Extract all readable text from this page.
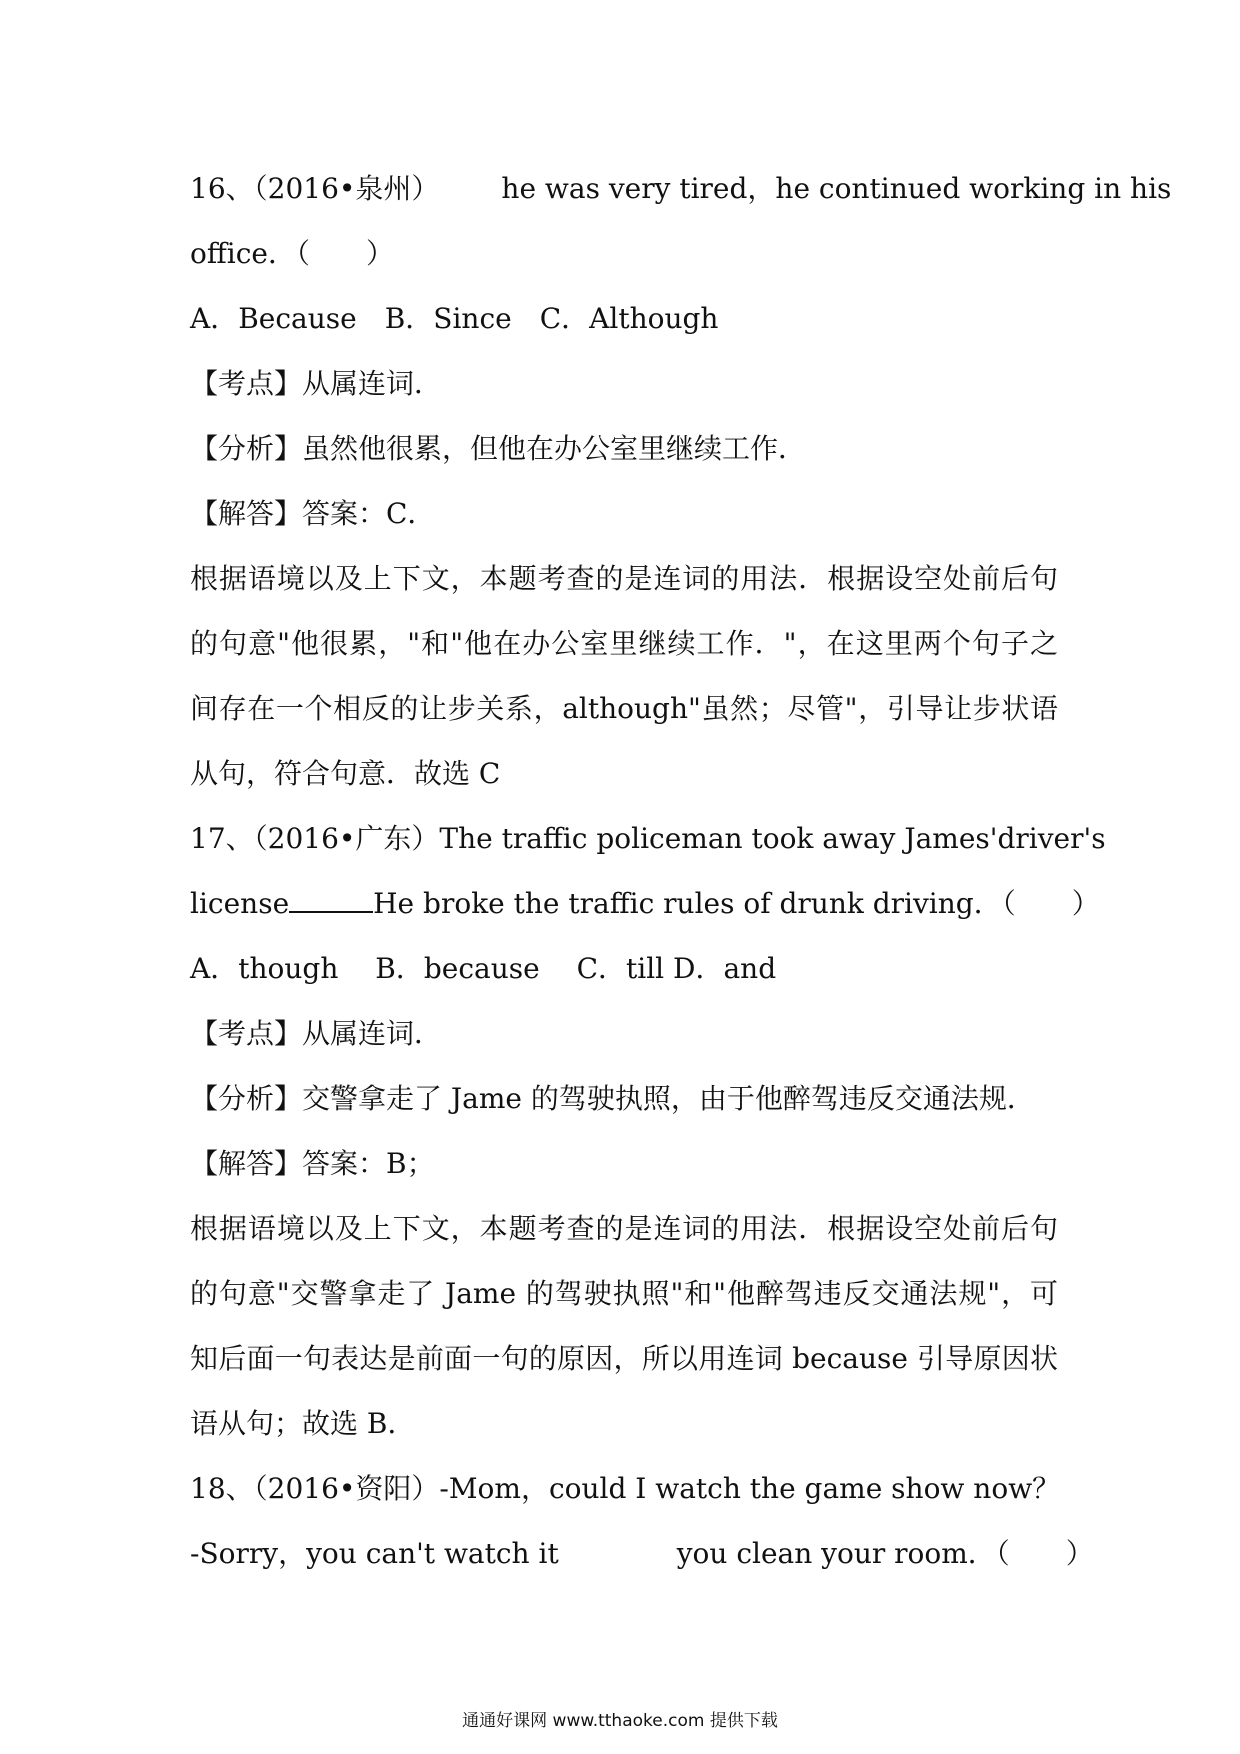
16、（2016•泉州） he was very tired，he continued working in his
office．（　　）
A．Because　B．Since　C．Although
【考点】从属连词．
【分析】虽然他很累，但他在办公室里继续工作．
【解答】答案：C．
根据语境以及上下文，本题考查的是连词的用法．根据设空处前后句
的句意"他很累，"和"他在办公室里继续工作．"，在这里两个句子之
间存在一个相反的让步关系，although"虽然；尽管"，引导让步状语
从句，符合句意．故选 C
17、（2016•广东）The traffic policeman took away James'driver's
license	He broke the traffic rules of drunk driving．（　　）
A．though　 B．because　 C．till D．and
【考点】从属连词．
【分析】交警拿走了 Jame 的驾驶执照，由于他醉驾违反交通法规．
【解答】答案：B；
根据语境以及上下文，本题考查的是连词的用法．根据设空处前后句
的句意"交警拿走了 Jame 的驾驶执照"和"他醉驾违反交通法规"，可
知后面一句表达是前面一句的原因，所以用连词 because 引导原因状
语从句；故选 B．
18、（2016•资阳）-Mom，could I watch the game show now？
-Sorry，you can't watch it	you clean your room．（　　）
通通好课网 www.tthaoke.com 提供下载
